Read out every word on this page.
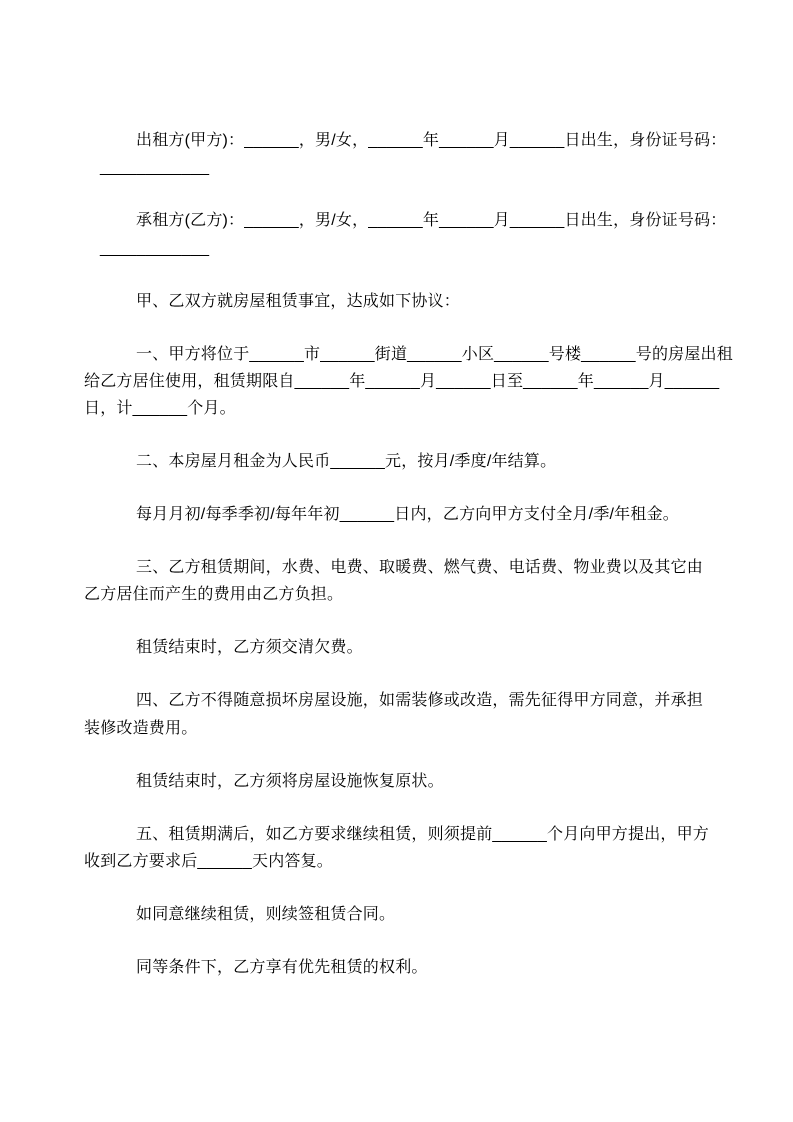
出租方(甲方)：______，男/女，______年______月______日出生，身份证号码：
____________

承租方(乙方)：______，男/女，______年______月______日出生，身份证号码：
____________

甲、乙双方就房屋租赁事宜，达成如下协议：

一、甲方将位于______市______街道______小区______号楼______号的房屋出租
给乙方居住使用，租赁期限自______年______月______日至______年______月______
日，计______个月。

二、本房屋月租金为人民币______元，按月/季度/年结算。

每月月初/每季季初/每年年初______日内，乙方向甲方支付全月/季/年租金。

三、乙方租赁期间，水费、电费、取暖费、燃气费、电话费、物业费以及其它由
乙方居住而产生的费用由乙方负担。

租赁结束时，乙方须交清欠费。

四、乙方不得随意损坏房屋设施，如需装修或改造，需先征得甲方同意，并承担
装修改造费用。

租赁结束时，乙方须将房屋设施恢复原状。

五、租赁期满后，如乙方要求继续租赁，则须提前______个月向甲方提出，甲方
收到乙方要求后______天内答复。

如同意继续租赁，则续签租赁合同。

同等条件下，乙方享有优先租赁的权利。
